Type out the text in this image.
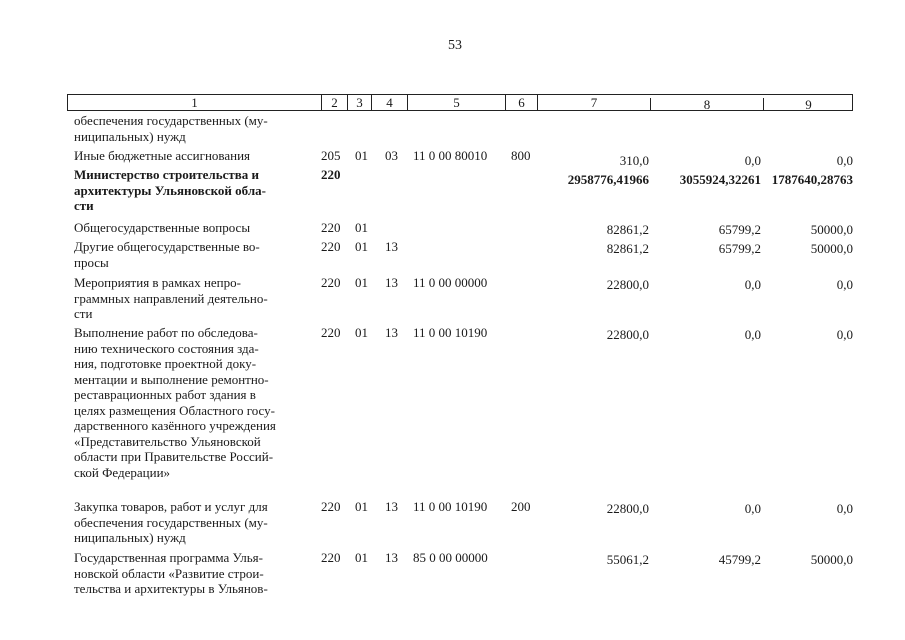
53
1	2	3	4	5	6	7	8	9
обеспечения государственных (му-
ниципальных) нужд
Иные бюджетные ассигнования	205 01 03 11 0 00 80010 800	310,0	0,0	0,0
Министерство строительства и
архитектуры Ульяновской обла-
сти
220	2958776,41966 3055924,32261 1787640,28763
Общегосударственные вопросы	220 01	82861,2	65799,2	50000,0
Другие общегосударственные во-
просы
220 01 13	82861,2	65799,2	50000,0
Мероприятия в рамках непро-
граммных направлений деятельно-
сти
220 01 13 11 0 00 00000	22800,0	0,0	0,0
Выполнение работ по обследова-
нию технического состояния зда-
ния, подготовке проектной доку-
ментации и выполнение ремонтно-
реставрационных работ здания в
целях размещения Областного госу-
дарственного казённого учреждения
«Представительство Ульяновской
области при Правительстве Россий-
ской Федерации»
220 01 13 11 0 00 10190	22800,0	0,0	0,0
Закупка товаров, работ и услуг для
обеспечения государственных (му-
ниципальных) нужд
220 01 13 11 0 00 10190 200	22800,0	0,0	0,0
Государственная программа Улья-
новской области «Развитие строи-
тельства и архитектуры в Ульянов-
220 01 13 85 0 00 00000	55061,2	45799,2	50000,0
